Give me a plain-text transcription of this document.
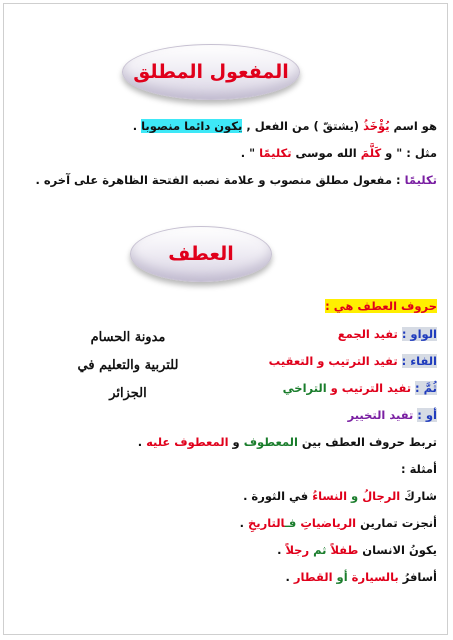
المفعول المطلق
هو اسم يُؤْخَذُ (يشتقّ ) من الفعل , يكون دائما منصوبا .
مثل : " و كَلَّمَ الله موسى تكليمًا " .
تكليمًا : مفعول مطلق منصوب و علامة نصبه الفتحة الظاهرة على آخره .
العطف
حروف العطف هي :
الواو : تفيد الجمع
الفاء : تفيد الترتيب و التعقيب
ثُمَّ : تفيد الترتيب و التراخي
أو : تفيد التخيير
تربط حروف العطف بين المعطوف و المعطوف عليه .
أمثلة :
شاركَ الرجالُ و النساءُ في الثورة .
أنجزت تمارين الرياضياتِ فـالتاريخِ .
يكونُ الانسان طفلاً ثم رجلاً .
أسافرُ بالسيارة أو القطار .
مدونة الحسام
للتربية والتعليم في
الجزائر
